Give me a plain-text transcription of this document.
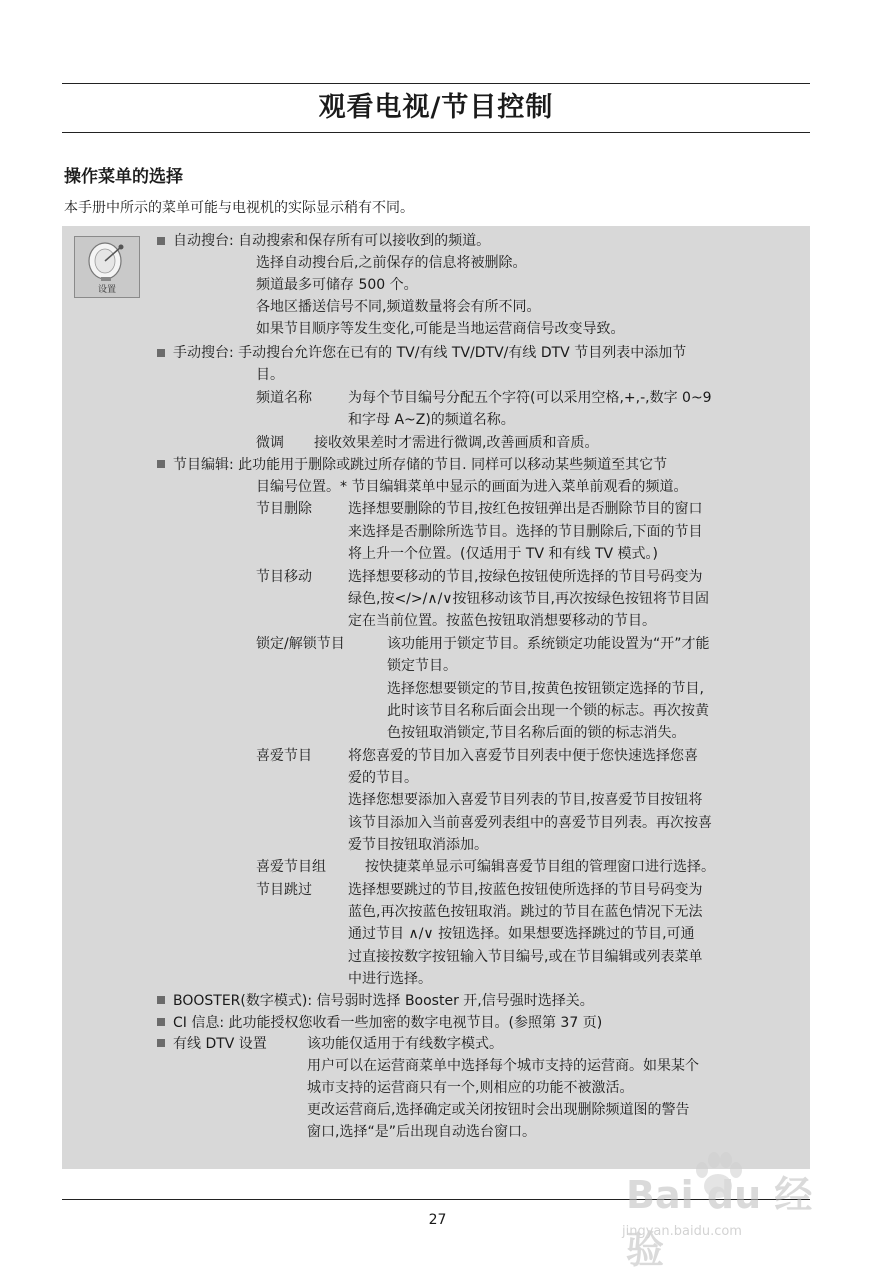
观看电视/节目控制
操作菜单的选择
本手册中所示的菜单可能与电视机的实际显示稍有不同。
设置
自动搜台: 自动搜索和保存所有可以接收到的频道。
选择自动搜台后,之前保存的信息将被删除。
频道最多可储存 500 个。
各地区播送信号不同,频道数量将会有所不同。
如果节目顺序等发生变化,可能是当地运营商信号改变导致。
手动搜台: 手动搜台允许您在已有的 TV/有线 TV/DTV/有线 DTV 节目列表中添加节
目。
频道名称	为每个节目编号分配五个字符(可以采用空格,+,-,数字 0~9
和字母 A~Z)的频道名称。
微调 接收效果差时才需进行微调,改善画质和音质。
节目编辑: 此功能用于删除或跳过所存储的节目. 同样可以移动某些频道至其它节
目编号位置。* 节目编辑菜单中显示的画面为进入菜单前观看的频道。
节目删除	选择想要删除的节目,按红色按钮弹出是否删除节目的窗口
来选择是否删除所选节目。选择的节目删除后,下面的节目
将上升一个位置。(仅适用于 TV 和有线 TV 模式。)
节目移动	选择想要移动的节目,按绿色按钮使所选择的节目号码变为
绿色,按</>/∧/∨按钮移动该节目,再次按绿色按钮将节目固
定在当前位置。按蓝色按钮取消想要移动的节目。
锁定/解锁节目	该功能用于锁定节目。系统锁定功能设置为“开”才能
锁定节目。
选择您想要锁定的节目,按黄色按钮锁定选择的节目,
此时该节目名称后面会出现一个锁的标志。再次按黄
色按钮取消锁定,节目名称后面的锁的标志消失。
喜爱节目	将您喜爱的节目加入喜爱节目列表中便于您快速选择您喜
爱的节目。
选择您想要添加入喜爱节目列表的节目,按喜爱节目按钮将
该节目添加入当前喜爱列表组中的喜爱节目列表。再次按喜
爱节目按钮取消添加。
喜爱节目组	按快捷菜单显示可编辑喜爱节目组的管理窗口进行选择。
节目跳过	选择想要跳过的节目,按蓝色按钮使所选择的节目号码变为
蓝色,再次按蓝色按钮取消。跳过的节目在蓝色情况下无法
通过节目 ∧/∨ 按钮选择。如果想要选择跳过的节目,可通
过直接按数字按钮输入节目编号,或在节目编辑或列表菜单
中进行选择。
BOOSTER(数字模式): 信号弱时选择 Booster 开,信号强时选择关。
CI 信息: 此功能授权您收看一些加密的数字电视节目。(参照第 37 页)
有线 DTV 设置	该功能仅适用于有线数字模式。
用户可以在运营商菜单中选择每个城市支持的运营商。如果某个
城市支持的运营商只有一个,则相应的功能不被激活。
更改运营商后,选择确定或关闭按钮时会出现删除频道图的警告
窗口,选择“是”后出现自动选台窗口。
27
Bai du 经验
jingyan.baidu.com
